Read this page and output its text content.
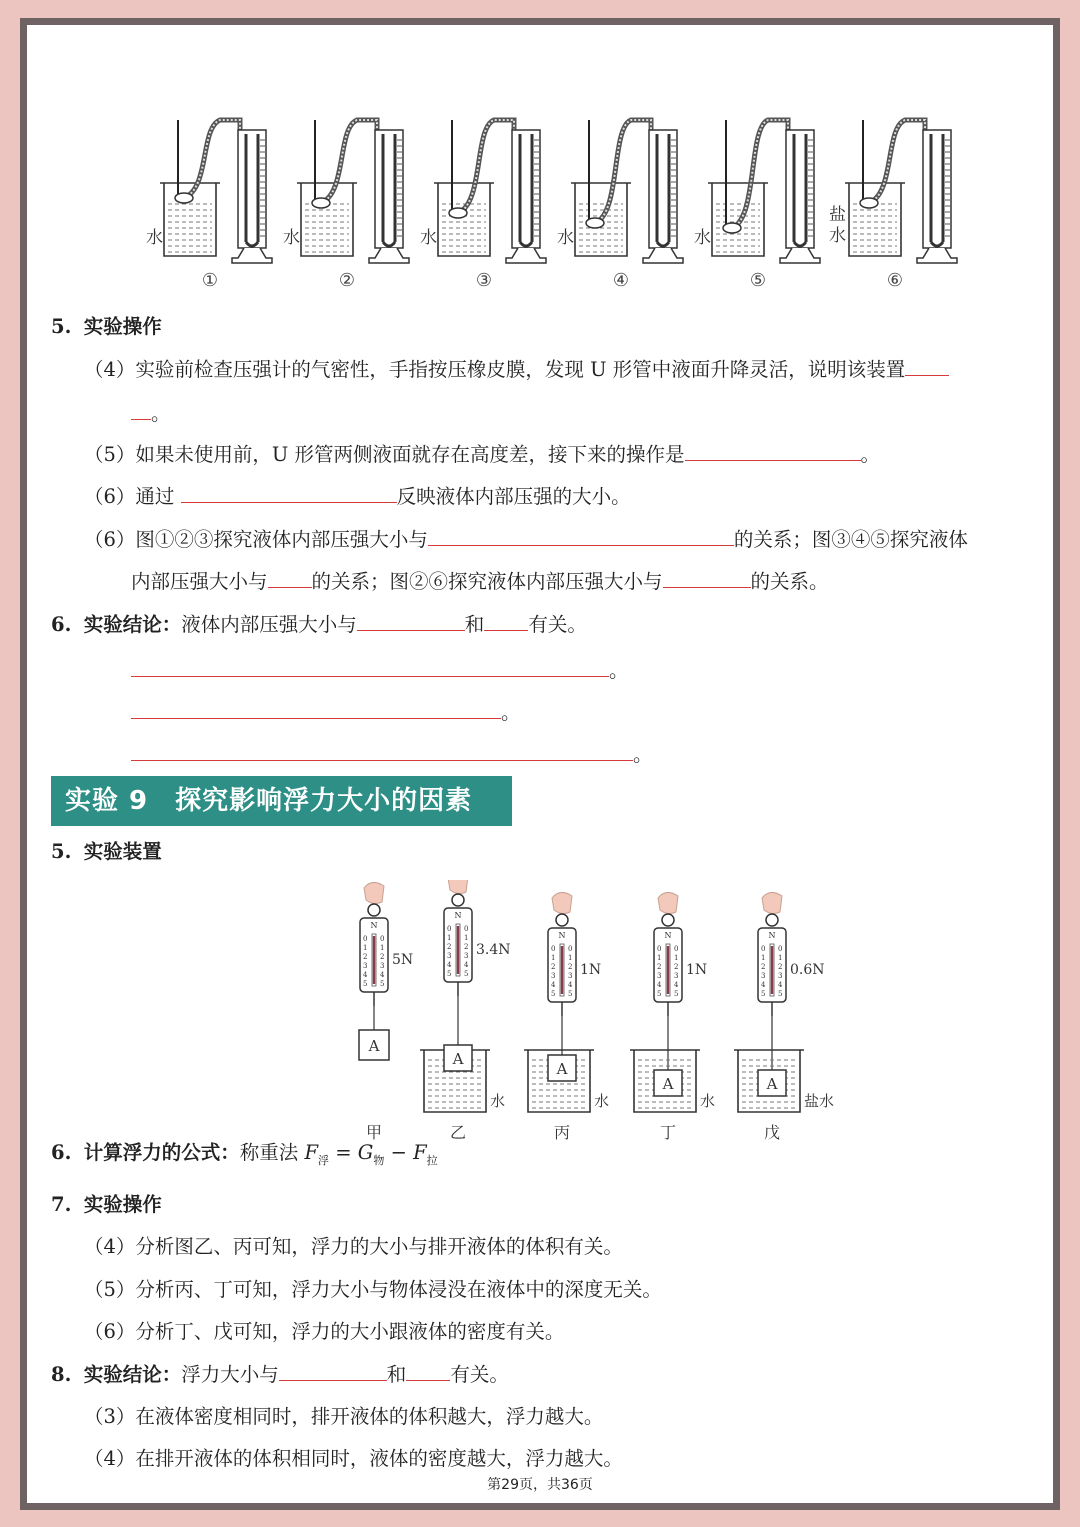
水
①
水
②
水
③
水
④
水
⑤
盐
水
⑥
5. 实验操作
（4）实验前检查压强计的气密性，手指按压橡皮膜，发现 U 形管中液面升降灵活，说明该装置
。
（5）如果未使用前，U 形管两侧液面就存在高度差，接下来的操作是	。
（6）通过	反映液体内部压强的大小。
（6）图①②③探究液体内部压强大小与	的关系；图③④⑤探究液体
内部压强大小与 的关系；图②⑥探究液体内部压强大小与	的关系。
6. 实验结论：液体内部压强大小与	和 有关。
。
。
。
实验 9　探究影响浮力大小的因素
5. 实验装置
N
0 0
1 1
2 2
3 3
4 4
5 5
5N
N
0 0
1 1
2 2
3 3
4 4
5 5
3.4N
N
0 0
1 1
2 2
3 3
4 4
5 5
1N
N
0 0
1 1
2 2
3 3
4 4
5 5
1N
N
0 0
1 1
2 2
3 3
4 4
5 5
0.6N
A
甲
A
水
乙
A
水
丙
A
水
丁
A
盐水
戊
6. 计算浮力的公式：称重法 $F_浮 = G_物 - F_拉$
7. 实验操作
（4）分析图乙、丙可知，浮力的大小与排开液体的体积有关。
（5）分析丙、丁可知，浮力大小与物体浸没在液体中的深度无关。
（6）分析丁、戊可知，浮力的大小跟液体的密度有关。
8. 实验结论：浮力大小与	和 有关。
（3）在液体密度相同时，排开液体的体积越大，浮力越大。
（4）在排开液体的体积相同时，液体的密度越大，浮力越大。
第29页，共36页
